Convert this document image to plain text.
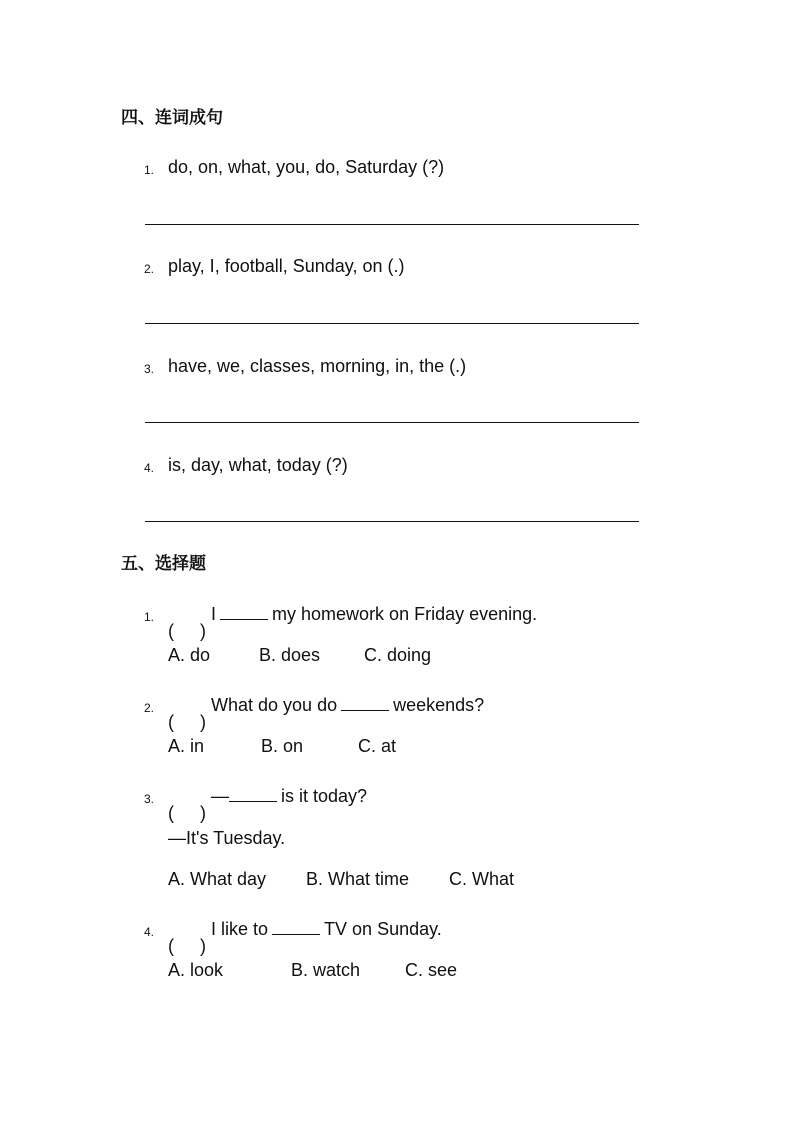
四、连词成句
1. do, on, what, you, do, Saturday (?)
2. play, I, football, Sunday, on (.)
3. have, we, classes, morning, in, the (.)
4. is, day, what, today (?)
五、选择题
1.
( )
I	my homework on Friday evening.
A. do	B. does C. doing
2.
( )
What do you do	weekends?
A. in	B. on	C. at
3.
( )
—	is it today?
—It's Tuesday.
A. What day B. What time C. What
4.
( )
I like to	TV on Sunday.
A. look	B. watch C. see
